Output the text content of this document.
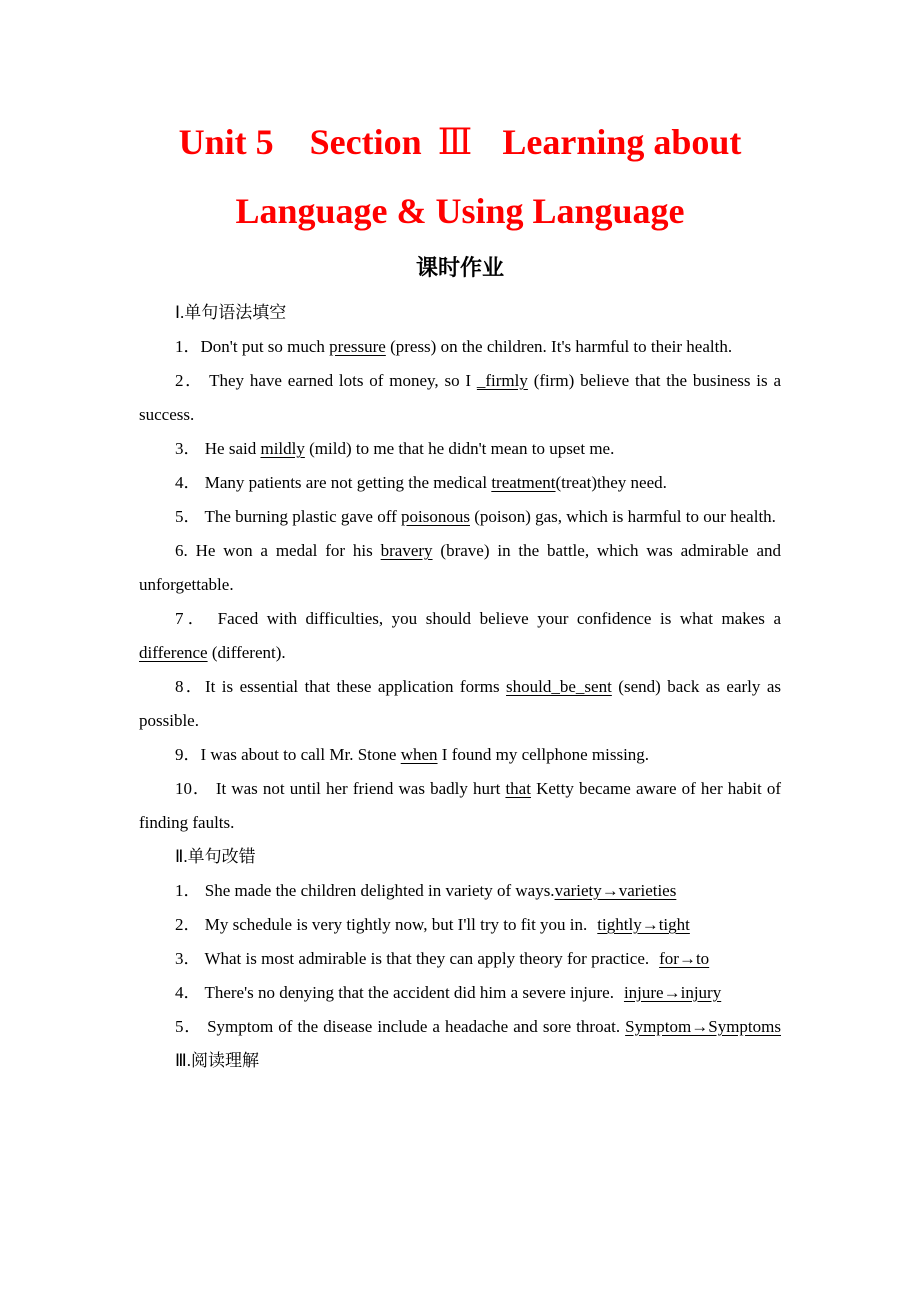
Unit 5 Section Ⅲ Learning about
Language & Using Language
课时作业

Ⅰ.单句语法填空

1．Don't put so much pressure (press) on the children. It's harmful to their health.

2． They have earned lots of money, so I _firmly (firm) believe that the business is a success.

3． He said mildly (mild) to me that he didn't mean to upset me.

4． Many patients are not getting the medical treatment(treat)they need.

5． The burning plastic gave off poisonous (poison) gas, which is harmful to our health.

6. He won a medal for his bravery (brave) in the battle, which was admirable and unforgettable.

7． Faced with difficulties, you should believe your confidence is what makes a difference (different).

8．It is essential that these application forms should_be_sent (send) back as early as possible.

9．I was about to call Mr. Stone when I found my cellphone missing.

10． It was not until her friend was badly hurt that Ketty became aware of her habit of finding faults.

Ⅱ.单句改错

1． She made the children delighted in variety of ways.variety→varieties

2． My schedule is very tightly now, but I'll try to fit you in. tightly→tight

3． What is most admirable is that they can apply theory for practice. for→to

4． There's no denying that the accident did him a severe injure. injure→injury

5． Symptom of the disease include a headache and sore throat. Symptom→Symptoms

Ⅲ.阅读理解
